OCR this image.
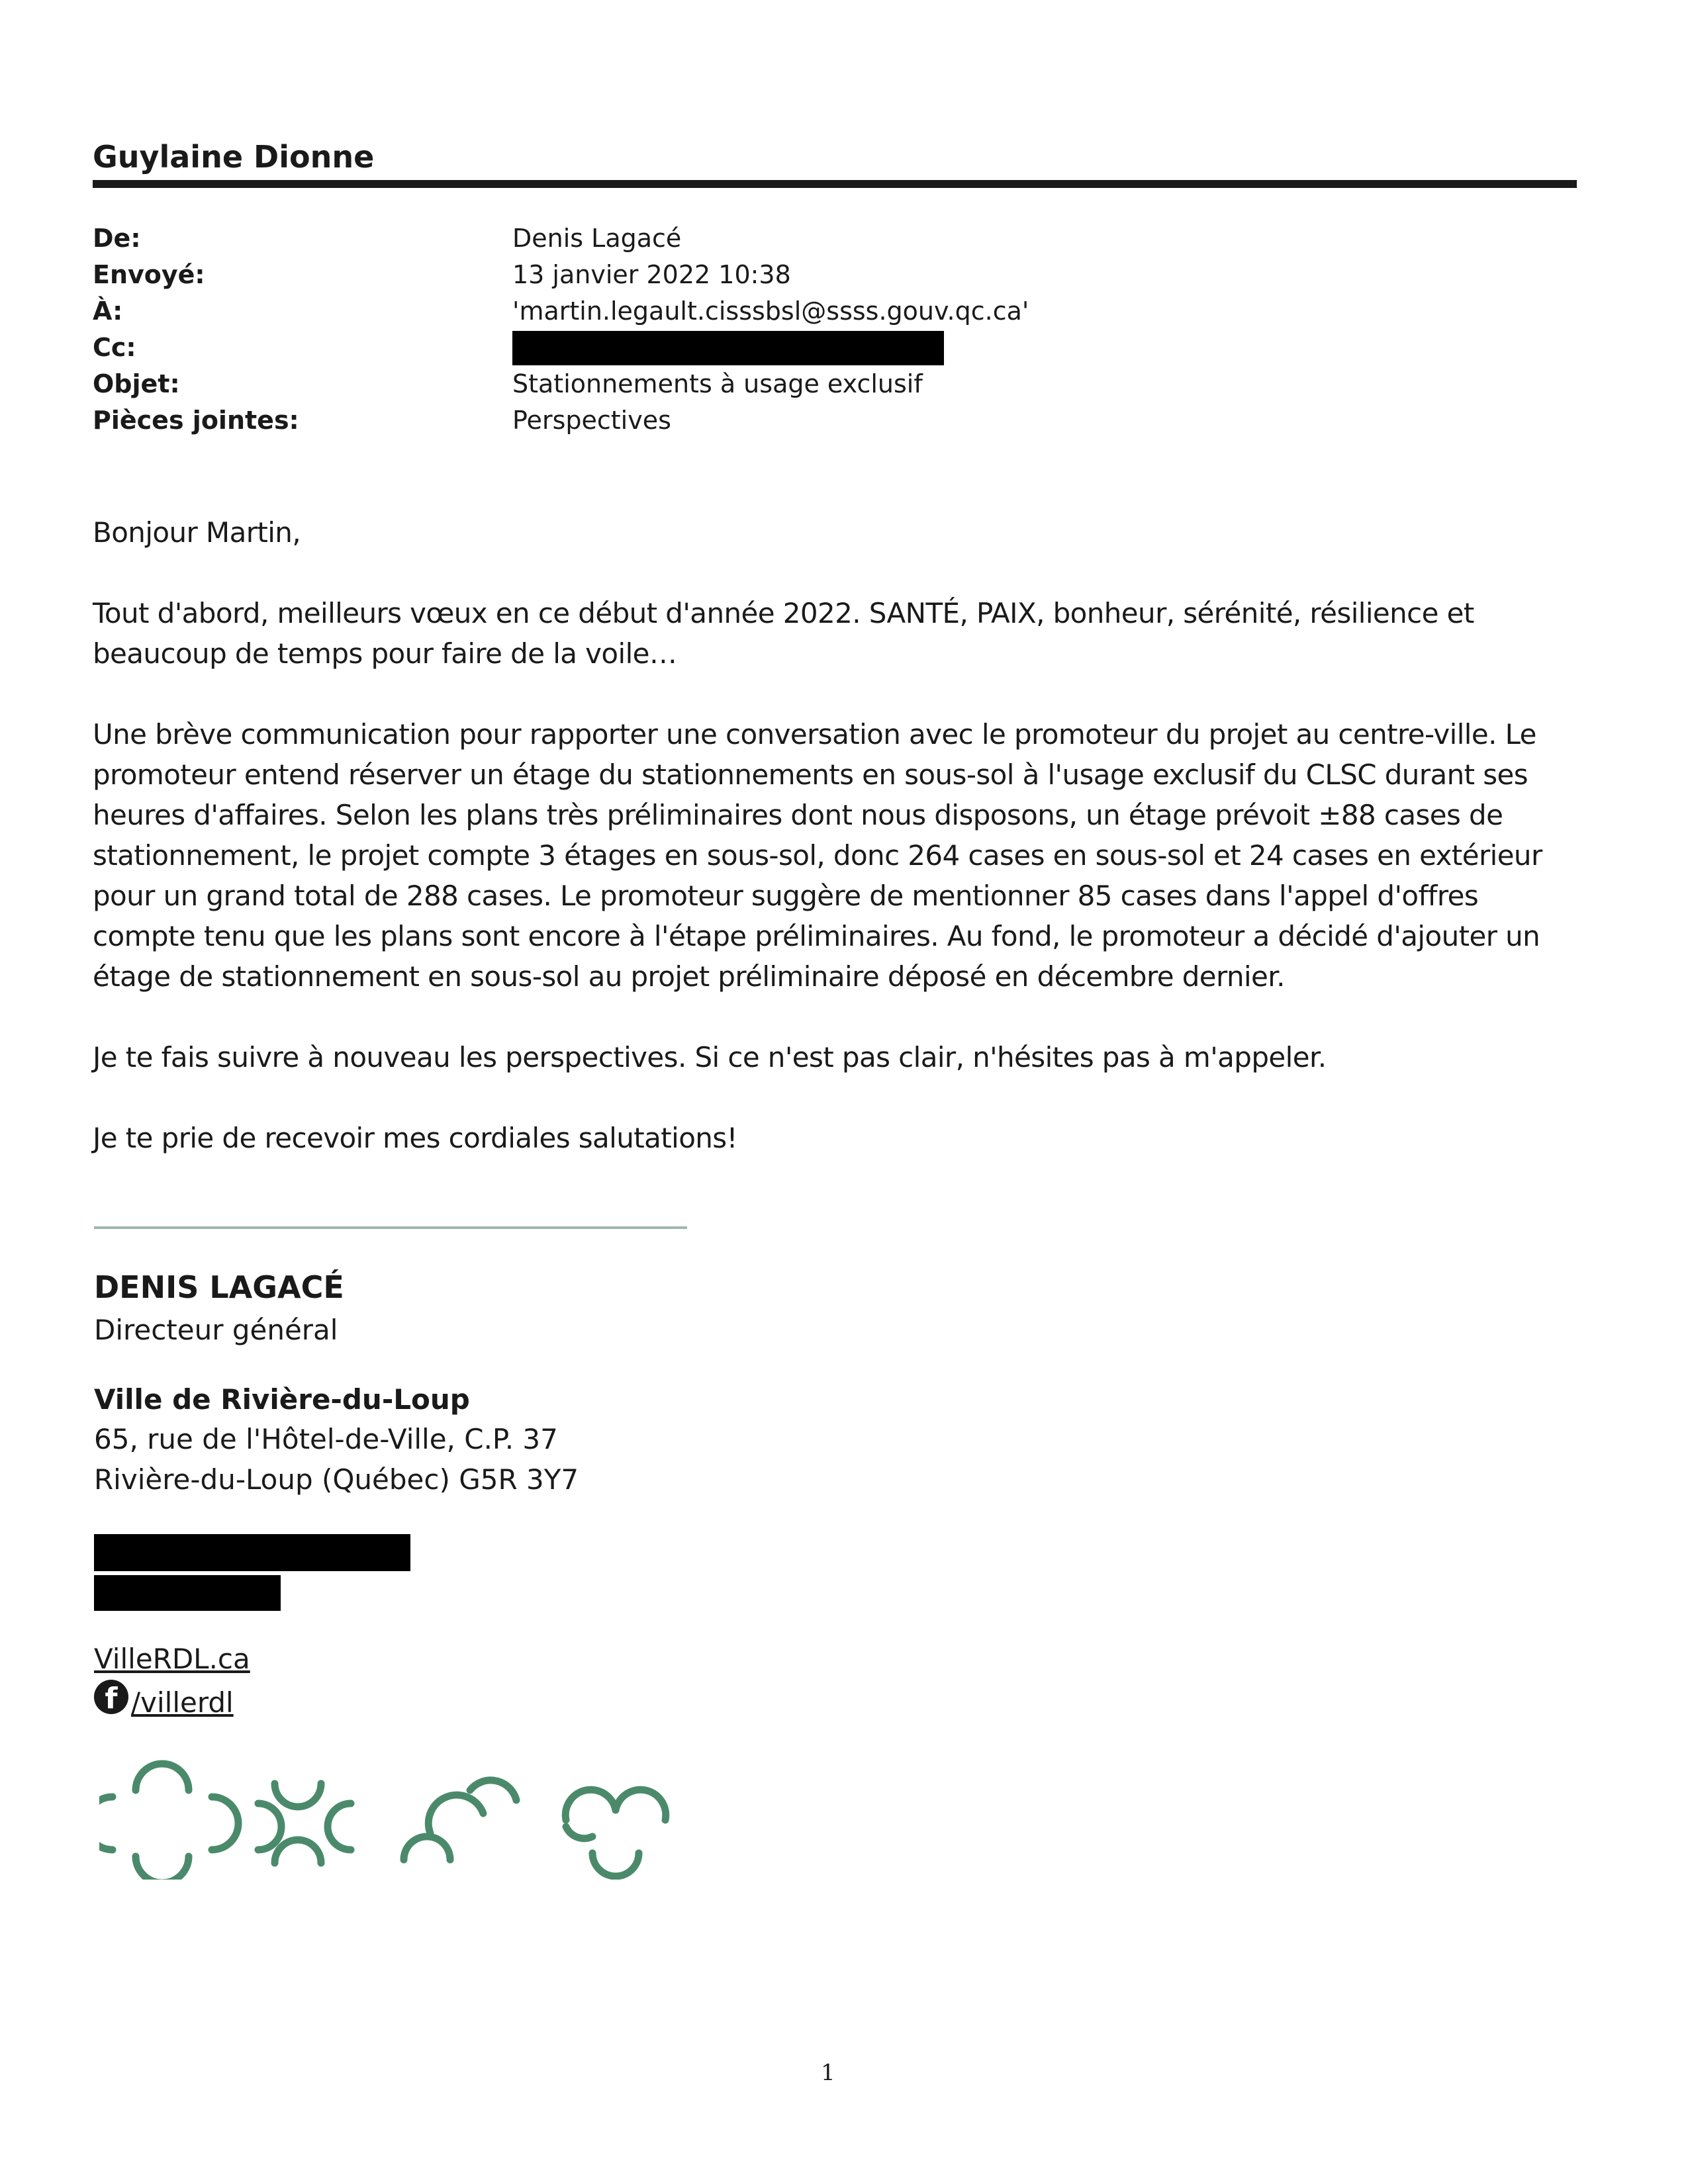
Guylaine Dionne
De:	Denis Lagacé
Envoyé:	13 janvier 2022 10:38
À:	'martin.legault.cisssbsl@ssss.gouv.qc.ca'
Cc:
Objet:	Stationnements à usage exclusif
Pièces jointes:	Perspectives

Bonjour Martin,

Tout d'abord, meilleurs vœux en ce début d'année 2022. SANTÉ, PAIX, bonheur, sérénité, résilience et beaucoup de temps pour faire de la voile…

Une brève communication pour rapporter une conversation avec le promoteur du projet au centre-ville. Le promoteur entend réserver un étage du stationnements en sous-sol à l'usage exclusif du CLSC durant ses heures d'affaires. Selon les plans très préliminaires dont nous disposons, un étage prévoit ±88 cases de stationnement, le projet compte 3 étages en sous-sol, donc 264 cases en sous-sol et 24 cases en extérieur pour un grand total de 288 cases. Le promoteur suggère de mentionner 85 cases dans l'appel d'offres compte tenu que les plans sont encore à l'étape préliminaires. Au fond, le promoteur a décidé d'ajouter un étage de stationnement en sous-sol au projet préliminaire déposé en décembre dernier.

Je te fais suivre à nouveau les perspectives. Si ce n'est pas clair, n'hésites pas à m'appeler.

Je te prie de recevoir mes cordiales salutations!

DENIS LAGACÉ
Directeur général
Ville de Rivière-du-Loup
65, rue de l'Hôtel-de-Ville, C.P. 37
Rivière-du-Loup (Québec) G5R 3Y7
VilleRDL.ca
f /villerdl
1
